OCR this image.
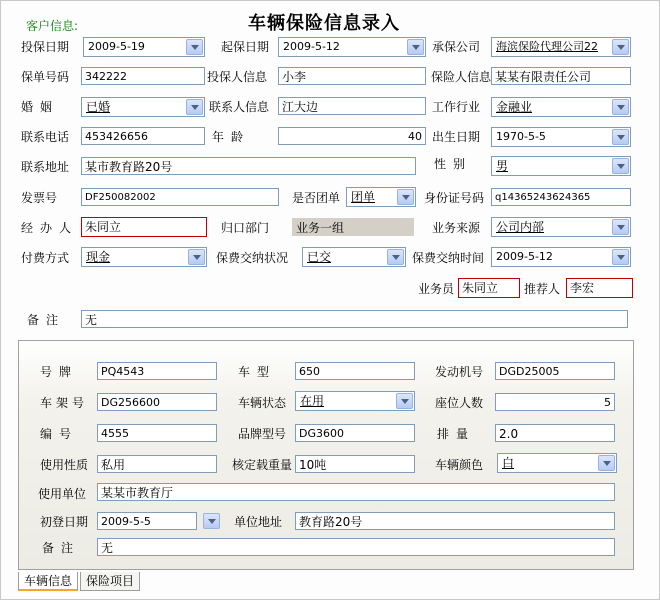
车辆保险信息录入
客户信息:
投保日期 2009-5-19	起保日期 2009-5-12	承保公司 海滨保险代理公司22
保单号码	342222	投保人信息	小李	保险人信息 某某有限责任公司
婚姻 已婚	联系人信息	江大边	工作行业 金融业
联系电话	453426656	年龄	40 出生日期 1970-5-5
联系地址	某市教育路20号	性别 男
发票号	DF250082002	是否团单 团单	身份证号码	q14365243624365
经办人 朱同立	归口部门	业务一组	业务来源 公司内部
付费方式 现金	保费交纳状况 已交	保费交纳时间 2009-5-12
业务员 朱同立	推荐人 李宏
备注	无
号牌	PQ4543	车型	650	发动机号	DGD25005
车架号	DG256600	车辆状态 在用	座位人数	5
编号	4555	品牌型号	DG3600	排量	2.0
使用性质	私用	核定载重量 10吨	车辆颜色 白
使用单位	某某市教育厅
初登日期	2009-5-5	单位地址	教育路20号
备注	无
车辆信息	保险项目
